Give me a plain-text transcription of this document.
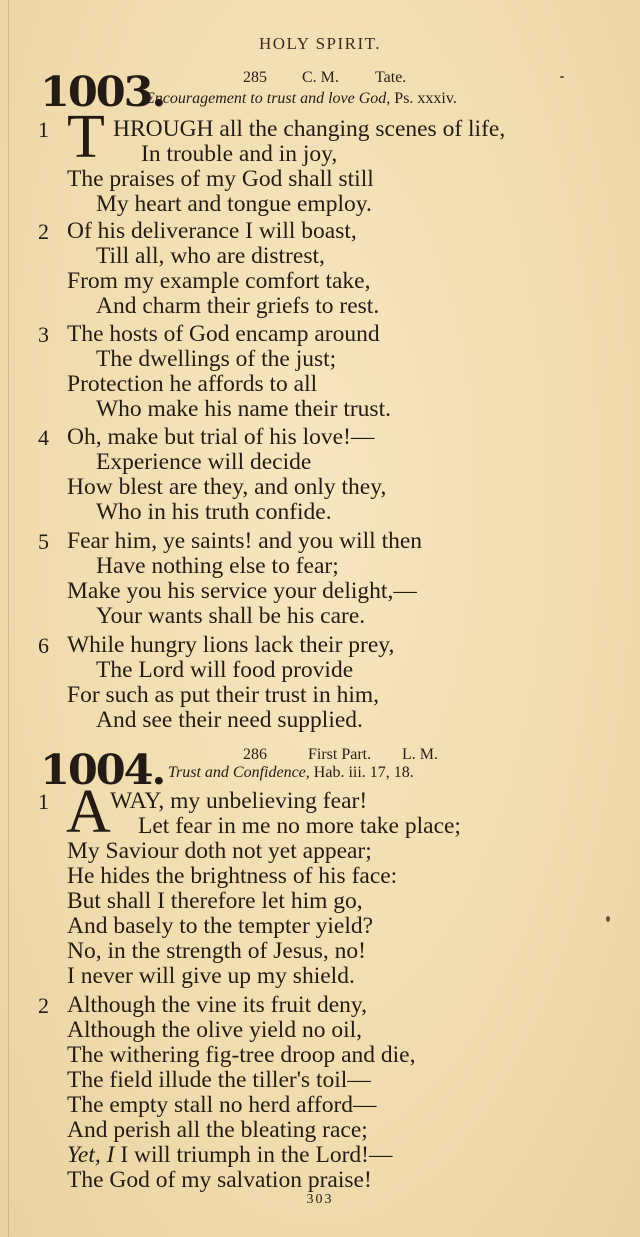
HOLY SPIRIT.
1003.	285 C. M. Tate.
Encouragement to trust and love God, Ps. xxxiv.
1 T HROUGH all the changing scenes of life,
In trouble and in joy,
The praises of my God shall still
My heart and tongue employ.
2 Of his deliverance I will boast,
Till all, who are distrest,
From my example comfort take,
And charm their griefs to rest.
3 The hosts of God encamp around
The dwellings of the just;
Protection he affords to all
Who make his name their trust.
4 Oh, make but trial of his love!—
Experience will decide
How blest are they, and only they,
Who in his truth confide.
5 Fear him, ye saints! and you will then
Have nothing else to fear;
Make you his service your delight,—
Your wants shall be his care.
6 While hungry lions lack their prey,
The Lord will food provide
For such as put their trust in him,
And see their need supplied.
1004.	286	First Part. L. M.
Trust and Confidence, Hab. iii. 17, 18.
1 A WAY, my unbelieving fear!
Let fear in me no more take place;
My Saviour doth not yet appear;
He hides the brightness of his face:
But shall I therefore let him go,
And basely to the tempter yield?
No, in the strength of Jesus, no!
I never will give up my shield.
2 Although the vine its fruit deny,
Although the olive yield no oil,
The withering fig-tree droop and die,
The field illude the tiller's toil—
The empty stall no herd afford—
And perish all the bleating race;
Yet, I I will triumph in the Lord!—
The God of my salvation praise!
303
